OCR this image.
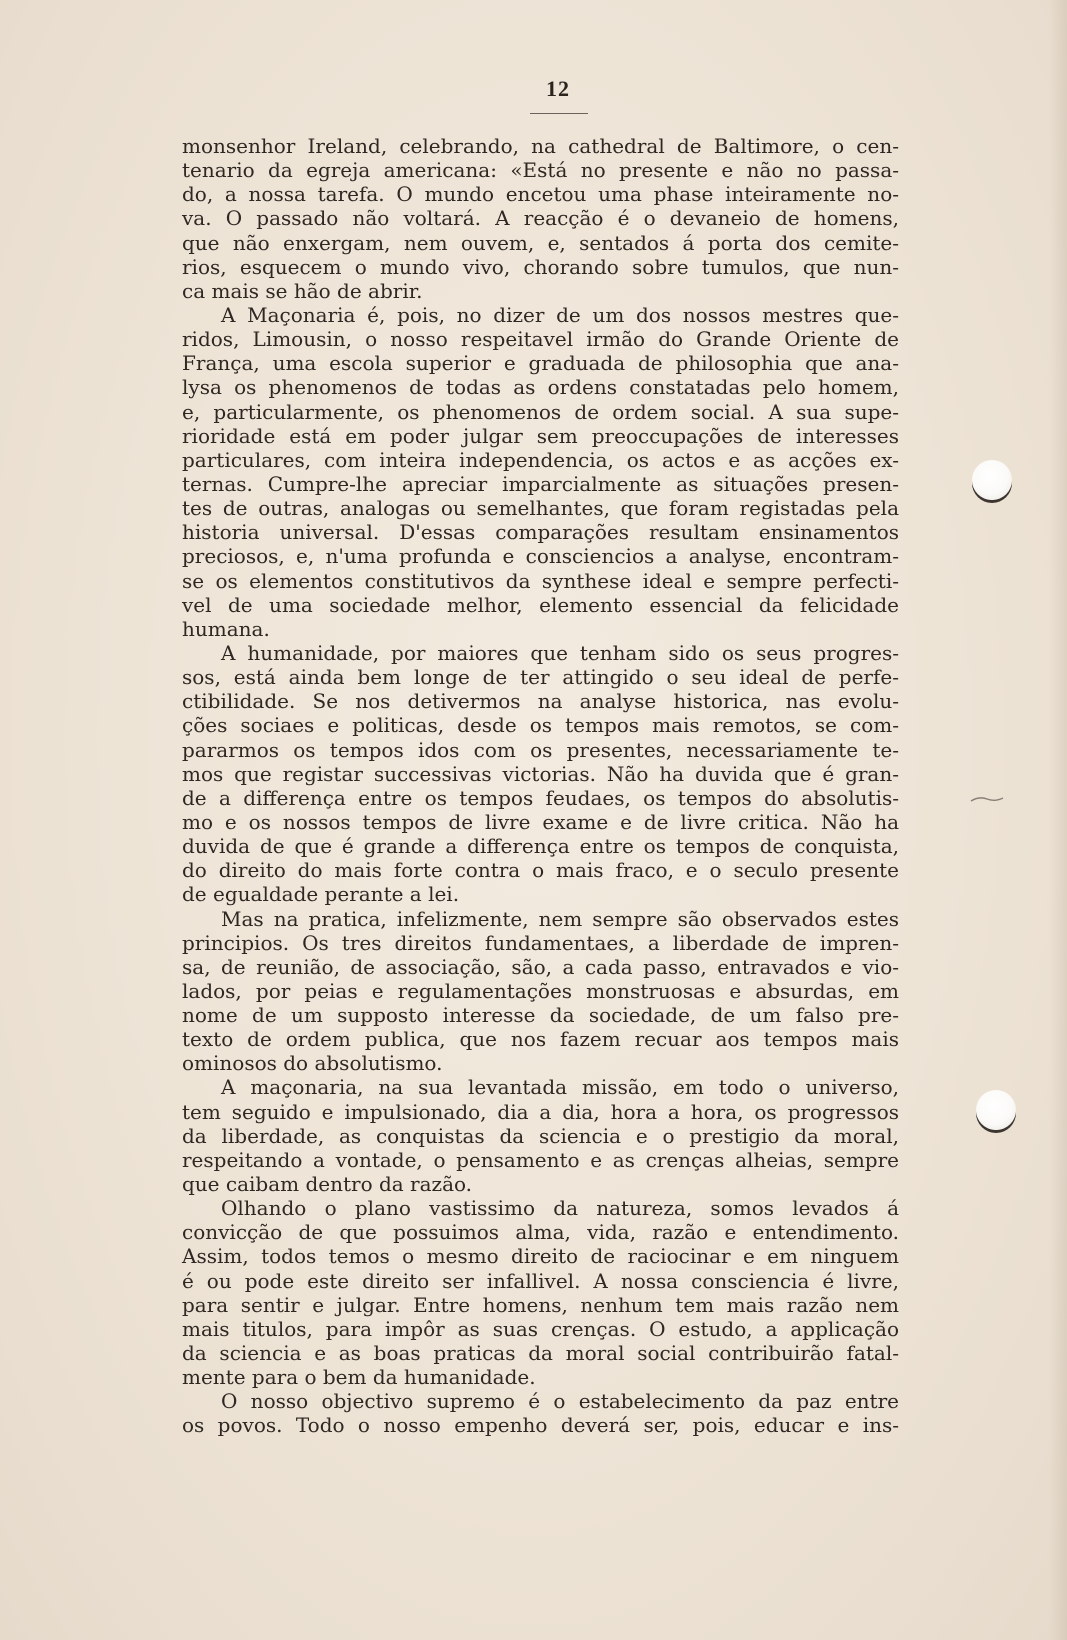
12
monsenhor Ireland, celebrando, na cathedral de Baltimore, o cen-
tenario da egreja americana: «Está no presente e não no passa-
do, a nossa tarefa. O mundo encetou uma phase inteiramente no-
va. O passado não voltará. A reacção é o devaneio de homens,
que não enxergam, nem ouvem, e, sentados á porta dos cemite-
rios, esquecem o mundo vivo, chorando sobre tumulos, que nun-
ca mais se hão de abrir.
A Maçonaria é, pois, no dizer de um dos nossos mestres que-
ridos, Limousin, o nosso respeitavel irmão do Grande Oriente de
França, uma escola superior e graduada de philosophia que ana-
lysa os phenomenos de todas as ordens constatadas pelo homem,
e, particularmente, os phenomenos de ordem social. A sua supe-
rioridade está em poder julgar sem preoccupações de interesses
particulares, com inteira independencia, os actos e as acções ex-
ternas. Cumpre-lhe apreciar imparcialmente as situações presen-
tes de outras, analogas ou semelhantes, que foram registadas pela
historia universal. D'essas comparações resultam ensinamentos
preciosos, e, n'uma profunda e consciencios a analyse, encontram-
se os elementos constitutivos da synthese ideal e sempre perfecti-
vel de uma sociedade melhor, elemento essencial da felicidade
humana.
A humanidade, por maiores que tenham sido os seus progres-
sos, está ainda bem longe de ter attingido o seu ideal de perfe-
ctibilidade. Se nos detivermos na analyse historica, nas evolu-
ções sociaes e politicas, desde os tempos mais remotos, se com-
pararmos os tempos idos com os presentes, necessariamente te-
mos que registar successivas victorias. Não ha duvida que é gran-
de a differença entre os tempos feudaes, os tempos do absolutis-
mo e os nossos tempos de livre exame e de livre critica. Não ha
duvida de que é grande a differença entre os tempos de conquista,
do direito do mais forte contra o mais fraco, e o seculo presente
de egualdade perante a lei.
Mas na pratica, infelizmente, nem sempre são observados estes
principios. Os tres direitos fundamentaes, a liberdade de impren-
sa, de reunião, de associação, são, a cada passo, entravados e vio-
lados, por peias e regulamentações monstruosas e absurdas, em
nome de um supposto interesse da sociedade, de um falso pre-
texto de ordem publica, que nos fazem recuar aos tempos mais
ominosos do absolutismo.
A maçonaria, na sua levantada missão, em todo o universo,
tem seguido e impulsionado, dia a dia, hora a hora, os progressos
da liberdade, as conquistas da sciencia e o prestigio da moral,
respeitando a vontade, o pensamento e as crenças alheias, sempre
que caibam dentro da razão.
Olhando o plano vastissimo da natureza, somos levados á
convicção de que possuimos alma, vida, razão e entendimento.
Assim, todos temos o mesmo direito de raciocinar e em ninguem
é ou pode este direito ser infallivel. A nossa consciencia é livre,
para sentir e julgar. Entre homens, nenhum tem mais razão nem
mais titulos, para impôr as suas crenças. O estudo, a applicação
da sciencia e as boas praticas da moral social contribuirão fatal-
mente para o bem da humanidade.
O nosso objectivo supremo é o estabelecimento da paz entre
os povos. Todo o nosso empenho deverá ser, pois, educar e ins-
